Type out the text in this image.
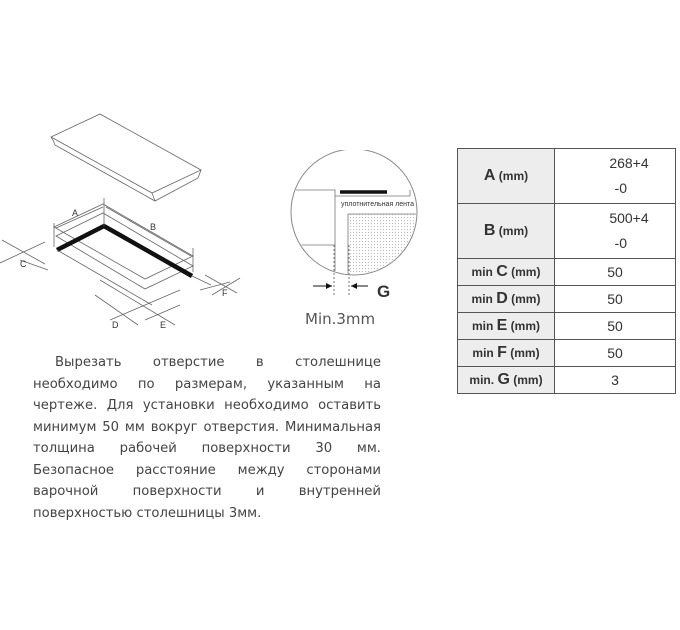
A
B
C
D	E
F
уплотнительная лента
G
Min.3mm

Вырезать отверстие в столешнице необходимо по размерам, указанным на чертеже. Для установки необходимо оставить минимум 50 мм вокруг отверстия. Минимальная толщина рабочей поверхности 30 мм. Безопасное расстояние между сторонами варочной поверхности и внутренней поверхностью столешницы 3мм.

A (mm)	268+4
-0

B (mm)	500+4
-0

min C (mm)	50
min D (mm)	50
min E (mm)	50
min F (mm)	50
min. G (mm)	3
